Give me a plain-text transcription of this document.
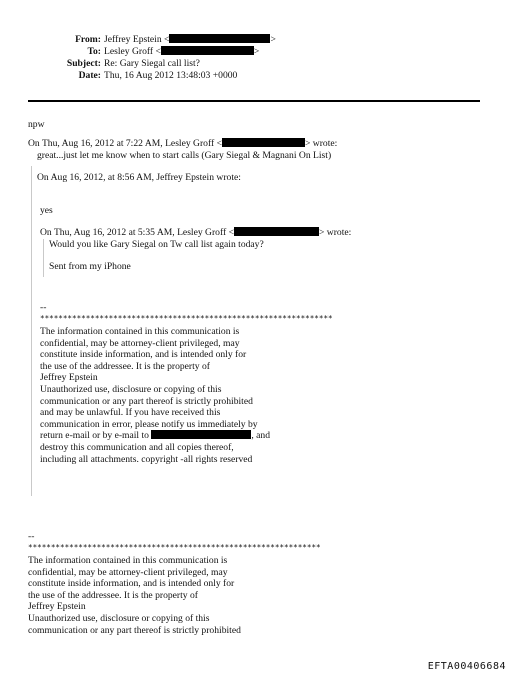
From: Jeffrey Epstein <	>
To: Lesley Groff <	>
Subject: Re: Gary Siegal call list?
Date: Thu, 16 Aug 2012 13:48:03 +0000
npw
On Thu, Aug 16, 2012 at 7:22 AM, Lesley Groff <	> wrote:
great...just let me know when to start calls (Gary Siegal & Magnani On List)
On Aug 16, 2012, at 8:56 AM, Jeffrey Epstein wrote:
yes
On Thu, Aug 16, 2012 at 5:35 AM, Lesley Groff <	> wrote:
Would you like Gary Siegal on Tw call list again today?
Sent from my iPhone
--
****************************************************************
The information contained in this communication is
confidential, may be attorney-client privileged, may
constitute inside information, and is intended only for
the use of the addressee. It is the property of
Jeffrey Epstein
Unauthorized use, disclosure or copying of this
communication or any part thereof is strictly prohibited
and may be unlawful. If you have received this
communication in error, please notify us immediately by
return e-mail or by e-mail to	, and
destroy this communication and all copies thereof,
including all attachments. copyright -all rights reserved
--
****************************************************************
The information contained in this communication is
confidential, may be attorney-client privileged, may
constitute inside information, and is intended only for
the use of the addressee. It is the property of
Jeffrey Epstein
Unauthorized use, disclosure or copying of this
communication or any part thereof is strictly prohibited
EFTA00406684
